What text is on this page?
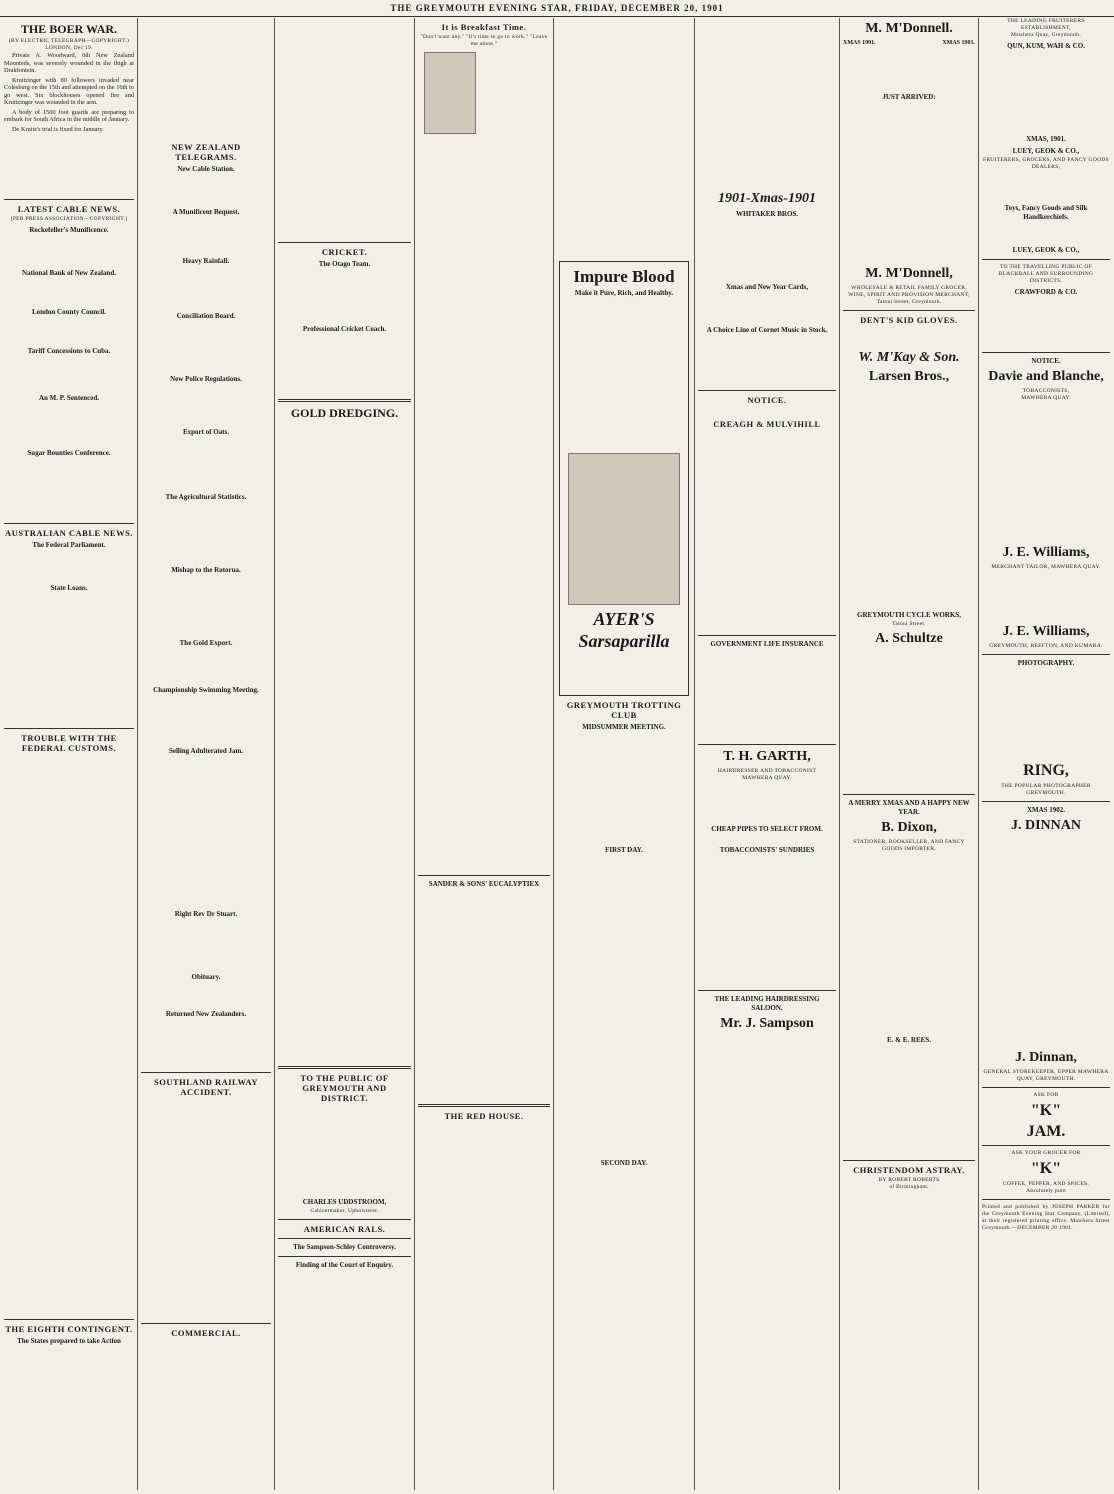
THE GREYMOUTH EVENING STAR, FRIDAY, DECEMBER 20, 1901
THE BOER WAR.
(BY ELECTRIC TELEGRAPH—COPYRIGHT.)
LONDON, Dec 19.
Private A. Woodward, 6th New Zealand Mounteds, was severely wounded in the thigh at Drakfontein.
Kruitzinger with 80 followers invaded near Colesburg on the 15th and attempted on the 16th to go west. Six blockhouses opened fire and Kruitzinger was wounded in the arm.
A body of 1500 foot guards are preparing to embark for South Africa in the middle of January.
De Kruitz's trial is fixed for January.
LATEST CABLE NEWS.
[PER PRESS ASSOCIATION—COPYRIGHT.]
Rockefeller's Munificence.
National Bank of New Zealand.
London County Council.
Tariff Concessions to Cuba.
An M. P. Sentenced.
Sugar Bounties Conference.
AUSTRALIAN CABLE NEWS.
The Federal Parliament.
State Loans.
TROUBLE WITH THE FEDERAL CUSTOMS.
THE EIGHTH CONTINGENT.
The States prepared to take Action
NEW ZEALAND TELEGRAMS.
New Cable Station.
A Munificent Bequest.
Heavy Rainfall.
Conciliation Board.
New Police Regulations.
Export of Oats.
The Agricultural Statistics.
Mishap to the Rotorua.
The Gold Export.
Championship Swimming Meeting.
Selling Adulterated Jam.
Right Rev Dr Stuart.
Obituary.
Returned New Zealanders.
SOUTHLAND RAILWAY ACCIDENT.
COMMERCIAL.
CRICKET.
The Otago Team.
Professional Cricket Coach.
GOLD DREDGING.
TO THE PUBLIC OF GREYMOUTH AND DISTRICT.
CHARLES UDDSTROOM,
Cabinetmaker, Upholsterer.
AMERICAN RALS.
The Sampson-Schley Controversy.
Finding of the Court of Enquiry.
It is Breakfast Time.
"Don't want any." "It's time to go to work." "Leave me alone."
SANDER & SONS' EUCALYPTIEX
THE RED HOUSE.
Impure Blood
Make it Pure, Rich, and Healthy.
AYER'S
Sarsaparilla
GREYMOUTH TROTTING CLUB
MIDSUMMER MEETING.
FIRST DAY.
SECOND DAY.
1901-Xmas-1901
WHITAKER BROS.
Xmas and New Year Cards,
A Choice Line of Cornet Music in Stock.
NOTICE.
CREAGH & MULVIHILL
GOVERNMENT LIFE INSURANCE
T. H. GARTH,
HAIRDRESSER AND TOBACCONIST
MAWHERA QUAY.
CHEAP PIPES TO SELECT FROM.
TOBACCONISTS' SUNDRIES
THE LEADING HAIRDRESSING SALOON.
Mr. J. Sampson
M. M'Donnell.
XMAS 1901.	XMAS 1901.
JUST ARRIVED:
M. M'Donnell,
WHOLESALE & RETAIL FAMILY GROCER, WINE, SPIRIT AND PROVISION MERCHANT,
Tainui Street, Greymouth.
DENT'S KID GLOVES.
W. M'Kay & Son.
Larsen Bros.,
GREYMOUTH CYCLE WORKS,
Tainui Street.
A. Schultze
A MERRY XMAS AND A HAPPY NEW YEAR.
B. Dixon,
STATIONER, BOOKSELLER, AND FANCY GOODS IMPORTER,
E. & E. REES.
CHRISTENDOM ASTRAY.
BY ROBERT ROBERTS
of Birmingham.
THE LEADING FRUITERERS ESTABLISHMENT,
Mawhera Quay, Greymouth.
QUN, KUM, WAH & CO.
XMAS, 1901.
LUEY, GEOK & CO.,
FRUITERERS, GROCERS, AND FANCY GOODS DEALERS,
Toys, Fancy Goods and Silk Handkerchiefs.
LUEY, GEOK & CO.,
TO THE TRAVELLING PUBLIC OF BLACKBALL AND SURROUNDING DISTRICTS.
CRAWFORD & CO.
NOTICE.
Davie and Blanche,
TOBACCONISTS,
MAWHERA QUAY.
J. E. Williams,
MERCHANT TAILOR, MAWHERA QUAY.
J. E. Williams,
GREYMOUTH, REEFTON, AND KUMARA.
PHOTOGRAPHY.
RING,
THE POPULAR PHOTOGRAPHER GREYMOUTH.
XMAS 1902.
J. DINNAN
J. Dinnan,
GENERAL STOREKEEPER, UPPER MAWHERA QUAY, GREYMOUTH.
ASK FOR
"K"
JAM.
ASK YOUR GROCER FOR
"K"
COFFEE, PEPPER, AND SPICES.
Absolutely pure
Printed and published by JOSEPH PARKER for the Greymouth Evening Star Company, (Limited), at their registered printing office, Mawhera Street Greymouth.—DECEMBER 20 1901.
